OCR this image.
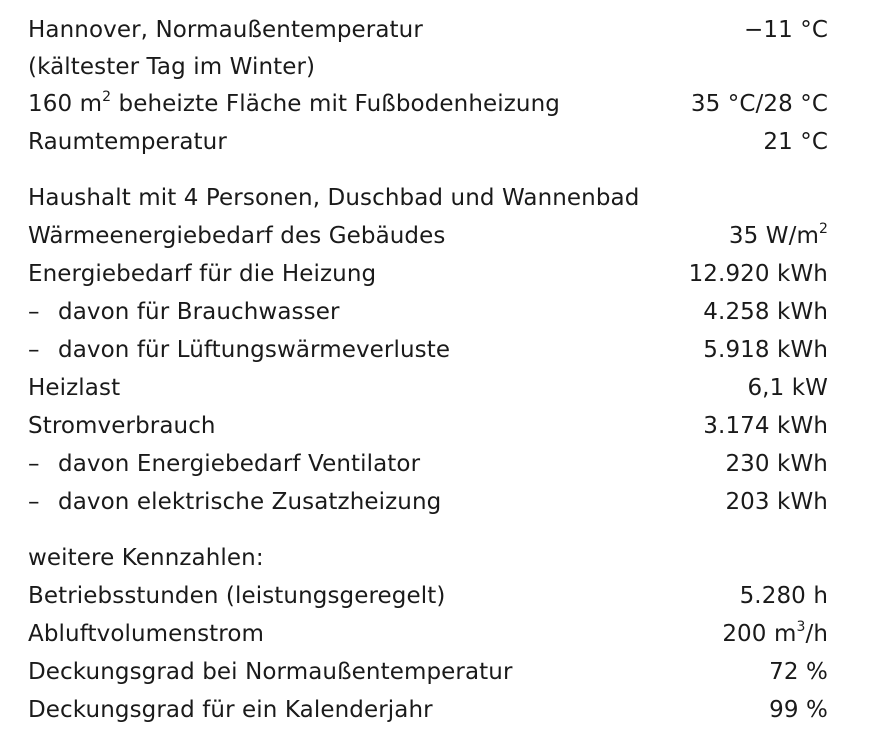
Hannover, Normaußentemperatur	−11 °C
(kältester Tag im Winter)
160 $m^2$ beheizte Fläche mit Fußbodenheizung	35 °C/28 °C
Raumtemperatur	21 °C
Haushalt mit 4 Personen, Duschbad und Wannenbad
Wärmeenergiebedarf des Gebäudes	35 $W/m^2$
Energiebedarf für die Heizung	12.920 kWh
– davon für Brauchwasser	4.258 kWh
– davon für Lüftungswärmeverluste	5.918 kWh
Heizlast	6,1 kW
Stromverbrauch	3.174 kWh
– davon Energiebedarf Ventilator	230 kWh
– davon elektrische Zusatzheizung	203 kWh
weitere Kennzahlen:
Betriebsstunden (leistungsgeregelt)	5.280 h
Abluftvolumenstrom	200 $m^3/h$
Deckungsgrad bei Normaußentemperatur	72 %
Deckungsgrad für ein Kalenderjahr	99 %
